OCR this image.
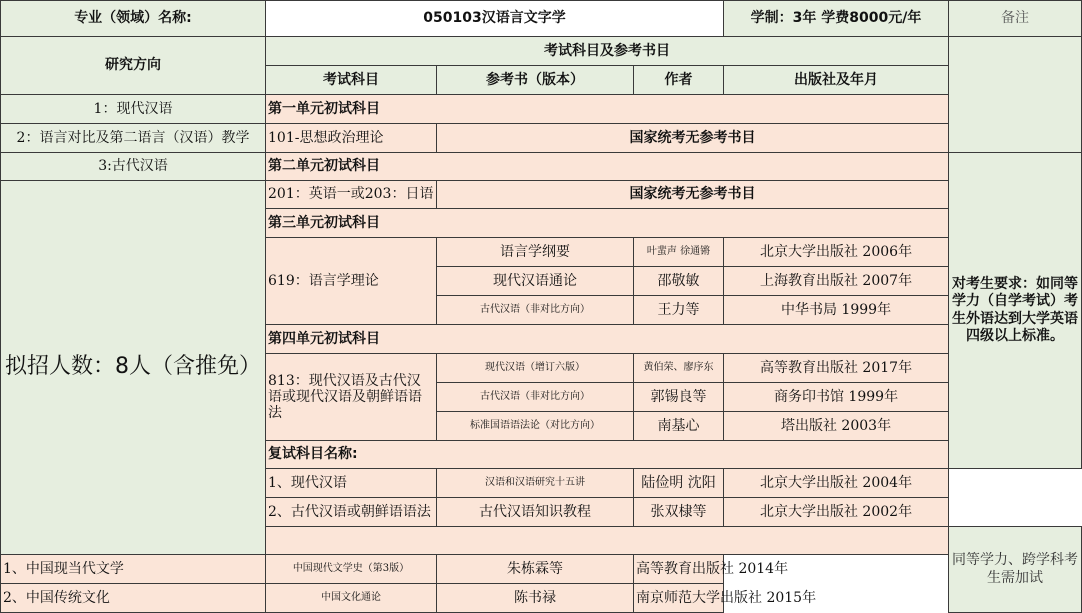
专业（领域）名称:	050103汉语言文字学			学制：3年 学费8000元/年	备注
研究方向	考试科目及参考书目				
	考试科目	参考书（版本）	作者	出版社及年月	
1：现代汉语	第一单元初试科目				
2：语言对比及第二语言（汉语）教学	101-思想政治理论	国家统考无参考书目			
3:古代汉语	第二单元初试科目				对考生要求：如同等学力（自学考试）考生外语达到大学英语四级以上标准。
拟招人数：8人（含推免）	201：英语一或203：日语	国家统考无参考书目			
	第三单元初试科目				
	619：语言学理论	语言学纲要	叶蜚声 徐通锵	北京大学出版社 2006年	
		现代汉语通论	邵敬敏	上海教育出版社 2007年	
		古代汉语（非对比方向）	王力等	中华书局 1999年	
	第四单元初试科目				
	813：现代汉语及古代汉语或现代汉语及朝鲜语语法	现代汉语（增订六版）	黄伯荣、廖序东	高等教育出版社 2017年	
		古代汉语（非对比方向）	郭锡良等	商务印书馆 1999年	
		标准国语语法论（对比方向）	南基心	塔出版社 2003年	
	复试科目名称:				
	1、现代汉语	汉语和汉语研究十五讲	陆俭明 沈阳	北京大学出版社 2004年	
	2、古代汉语或朝鲜语语法	古代汉语知识教程	张双棣等	北京大学出版社 2002年	
					同等学力、跨学科考生需加试
1、中国现当代文学	中国现代文学史（第3版）	朱栋霖等	高等教育出版社 2014年		
2、中国传统文化	中国文化通论	陈书禄	南京师范大学出版社 2015年		
